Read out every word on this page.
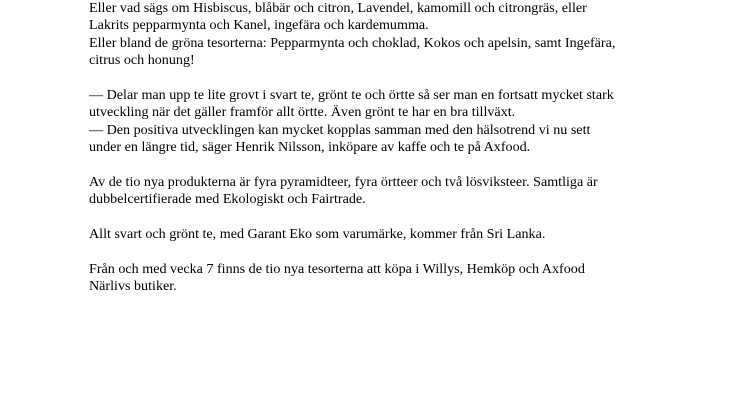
Eller vad sägs om Hisbiscus, blåbär och citron, Lavendel, kamomill och citrongräs, eller
Lakrits pepparmynta och Kanel, ingefära och kardemumma.
Eller bland de gröna tesorterna: Pepparmynta och choklad, Kokos och apelsin, samt Ingefära,
citrus och honung!

— Delar man upp te lite grovt i svart te, grönt te och örtte så ser man en fortsatt mycket stark
utveckling när det gäller framför allt örtte. Även grönt te har en bra tillväxt.
— Den positiva utvecklingen kan mycket kopplas samman med den hälsotrend vi nu sett
under en längre tid, säger Henrik Nilsson, inköpare av kaffe och te på Axfood.

Av de tio nya produkterna är fyra pyramidteer, fyra örtteer och två lösviksteer. Samtliga är
dubbelcertifierade med Ekologiskt och Fairtrade.

Allt svart och grönt te, med Garant Eko som varumärke, kommer från Sri Lanka.

Från och med vecka 7 finns de tio nya tesorterna att köpa i Willys, Hemköp och Axfood
Närlivs butiker.
